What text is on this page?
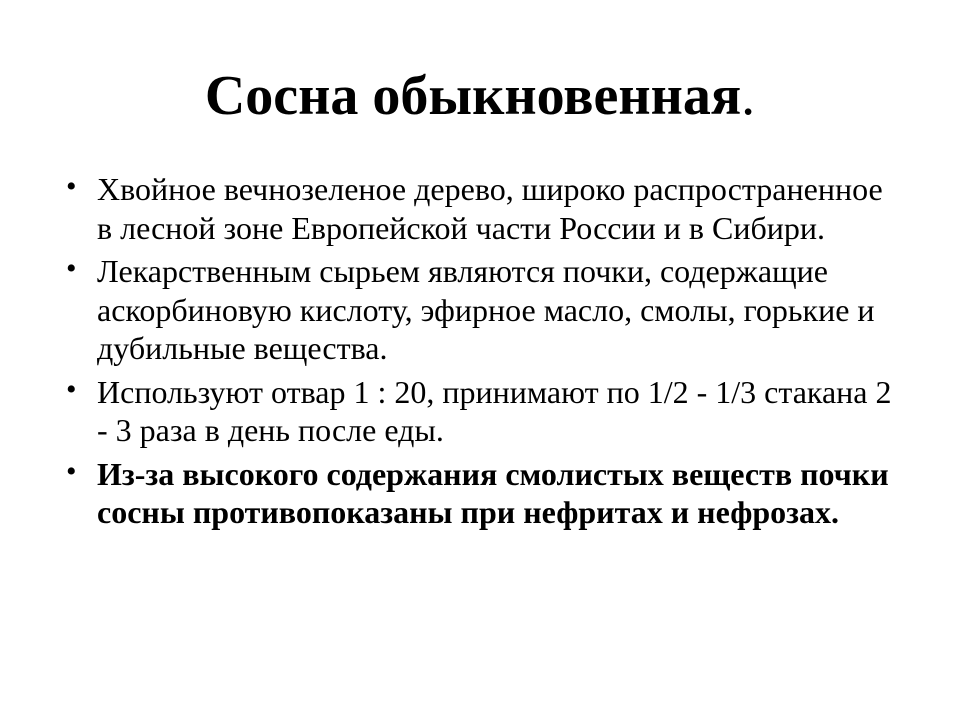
Сосна обыкновенная.
• Хвойное вечнозеленое дерево, широко распространенное в лесной зоне Европейской части России и в Сибири.
• Лекарственным сырьем являются почки, содержащие аскорбиновую кислоту, эфирное масло, смолы, горькие и дубильные вещества.
• Используют отвар 1 : 20, принимают по 1/2 - 1/3 стакана 2 - 3 раза в день после еды.
• Из-за высокого содержания смолистых веществ почки сосны противопоказаны при нефритах и нефрозах.
